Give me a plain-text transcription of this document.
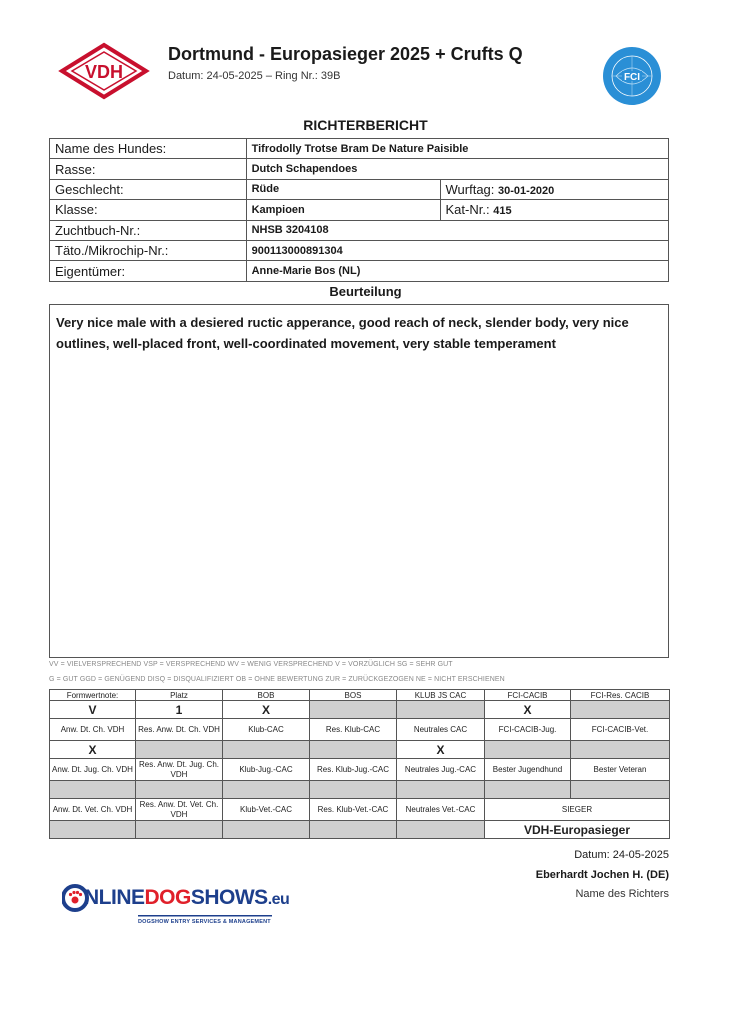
VDH
Dortmund - Europasieger 2025 + Crufts Q
Datum: 24-05-2025 – Ring Nr.: 39B	FCI
RICHTERBERICHT
Name des Hundes:	Tifrodolly Trotse Bram De Nature Paisible	
Rasse:	Dutch Schapendoes	
Geschlecht:	Rüde	Wurftag: 30-01-2020
Klasse:	Kampioen	Kat-Nr.: 415
Zuchtbuch-Nr.:	NHSB 3204108	
Täto./Mikrochip-Nr.:	900113000891304	
Eigentümer:	Anne-Marie Bos (NL)	
Beurteilung
Very nice male with a desiered ructic apperance, good reach of neck, slender body, very nice outlines, well-placed front, well-coordinated movement, very stable temperament
VV = VIELVERSPRECHEND VSP = VERSPRECHEND WV = WENIG VERSPRECHEND V = VORZÜGLICH SG = SEHR GUT
G = GUT GGD = GENÜGEND DISQ = DISQUALIFIZIERT OB = OHNE BEWERTUNG ZUR = ZURÜCKGEZOGEN NE = NICHT ERSCHIENEN
Formwertnote:	Platz	BOB	BOS	KLUB JS CAC	FCI-CACIB	FCI-Res. CACIB
V	1	X			X	
Anw. Dt. Ch. VDH	Res. Anw. Dt. Ch. VDH	Klub-CAC	Res. Klub-CAC	Neutrales CAC	FCI-CACIB-Jug.	FCI-CACIB-Vet.
X				X		
Anw. Dt. Jug. Ch. VDH	Res. Anw. Dt. Jug. Ch. VDH	Klub-Jug.-CAC	Res. Klub-Jug.-CAC	Neutrales Jug.-CAC	Bester Jugendhund	Bester Veteran

Anw. Dt. Vet. Ch. VDH	Res. Anw. Dt. Vet. Ch. VDH	Klub-Vet.-CAC	Res. Klub-Vet.-CAC	Neutrales Vet.-CAC	SIEGER	
					VDH-Europasieger	
Datum: 24-05-2025
Eberhardt Jochen H. (DE)
Name des Richters
NLINEDOGSHOWS.eu
DOGSHOW ENTRY SERVICES & MANAGEMENT
